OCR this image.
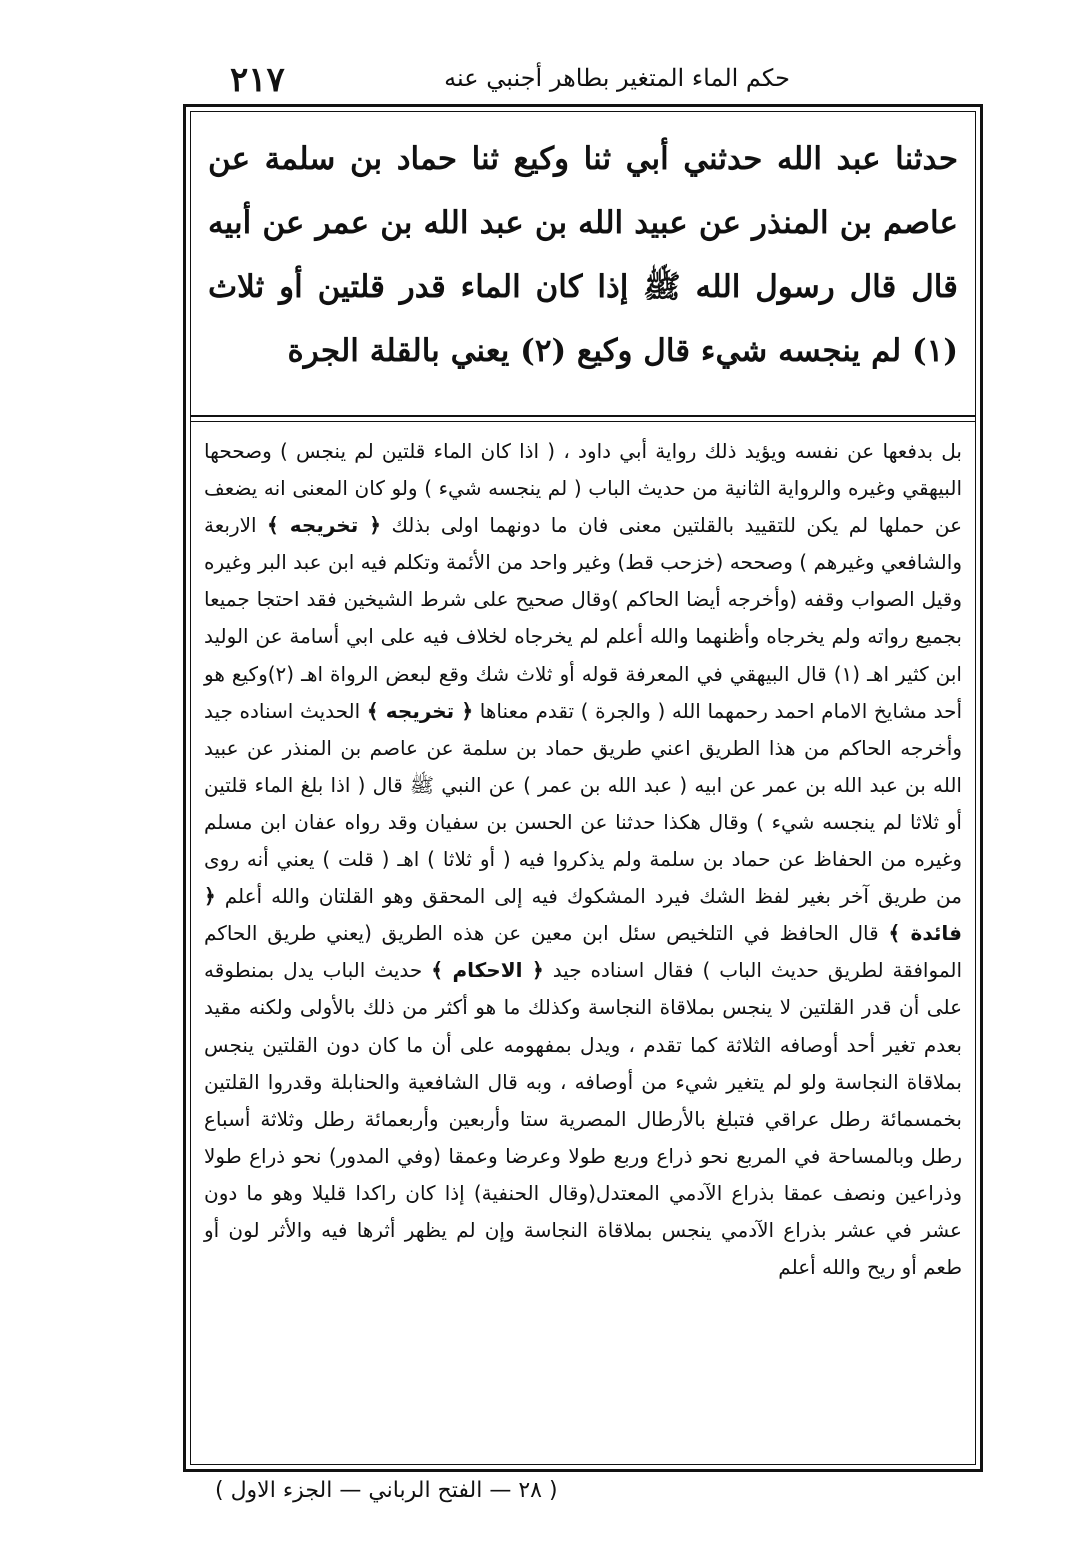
٢١٧	حكم الماء المتغير بطاهر أجنبي عنه
حدثنا عبد الله حدثني أبي ثنا وكيع ثنا حماد بن سلمة عن عاصم بن المنذر عن عبيد الله بن عبد الله بن عمر عن أبيه قال قال رسول الله ﷺ إذا كان الماء قدر قلتين أو ثلاث (١) لم ينجسه شيء قال وكيع (٢) يعني بالقلة الجرة

بل بدفعها عن نفسه ويؤيد ذلك رواية أبي داود ، ( اذا كان الماء قلتين لم ينجس ) وصححها البيهقي وغيره والرواية الثانية من حديث الباب ( لم ينجسه شيء ) ولو كان المعنى انه يضعف عن حملها لم يكن للتقييد بالقلتين معنى فان ما دونهما اولى بذلك ﴿ تخريجه ﴾ الاربعة والشافعي وغيرهم ) وصححه (خزحب قط) وغير واحد من الأئمة وتكلم فيه ابن عبد البر وغيره وقيل الصواب وقفه (وأخرجه أيضا الحاكم )وقال صحيح على شرط الشيخين فقد احتجا جميعا بجميع رواته ولم يخرجاه وأظنهما والله أعلم لم يخرجاه لخلاف فيه على ابي أسامة عن الوليد ابن كثير اهـ (١) قال البيهقي في المعرفة قوله أو ثلاث شك وقع لبعض الرواة اهـ (٢)وكيع هو أحد مشايخ الامام احمد رحمهما الله ( والجرة ) تقدم معناها ﴿ تخريجه ﴾ الحديث اسناده جيد وأخرجه الحاكم من هذا الطريق اعني طريق حماد بن سلمة عن عاصم بن المنذر عن عبيد الله بن عبد الله بن عمر عن ابيه ( عبد الله بن عمر ) عن النبي ﷺ قال ( اذا بلغ الماء قلتين أو ثلاثا لم ينجسه شيء ) وقال هكذا حدثنا عن الحسن بن سفيان وقد رواه عفان ابن مسلم وغيره من الحفاظ عن حماد بن سلمة ولم يذكروا فيه ( أو ثلاثا ) اهـ ( قلت ) يعني أنه روى من طريق آخر بغير لفظ الشك فيرد المشكوك فيه إلى المحقق وهو القلتان والله أعلم ﴿ فائدة ﴾ قال الحافظ في التلخيص سئل ابن معين عن هذه الطريق (يعني طريق الحاكم الموافقة لطريق حديث الباب ) فقال اسناده جيد ﴿ الاحكام ﴾ حديث الباب يدل بمنطوقه على أن قدر القلتين لا ينجس بملاقاة النجاسة وكذلك ما هو أكثر من ذلك بالأولى ولكنه مقيد بعدم تغير أحد أوصافه الثلاثة كما تقدم ، ويدل بمفهومه على أن ما كان دون القلتين ينجس بملاقاة النجاسة ولو لم يتغير شيء من أوصافه ، وبه قال الشافعية والحنابلة وقدروا القلتين بخمسمائة رطل عراقي فتبلغ بالأرطال المصرية ستا وأربعين وأربعمائة رطل وثلاثة أسباع رطل وبالمساحة في المربع نحو ذراع وربع طولا وعرضا وعمقا (وفي المدور) نحو ذراع طولا وذراعين ونصف عمقا بذراع الآدمي المعتدل(وقال الحنفية) إذا كان راكدا قليلا وهو ما دون عشر في عشر بذراع الآدمي ينجس بملاقاة النجاسة وإن لم يظهر أثرها فيه والأثر لون أو طعم أو ريح والله أعلم

( ٢٨ — الفتح الرباني — الجزء الاول )
